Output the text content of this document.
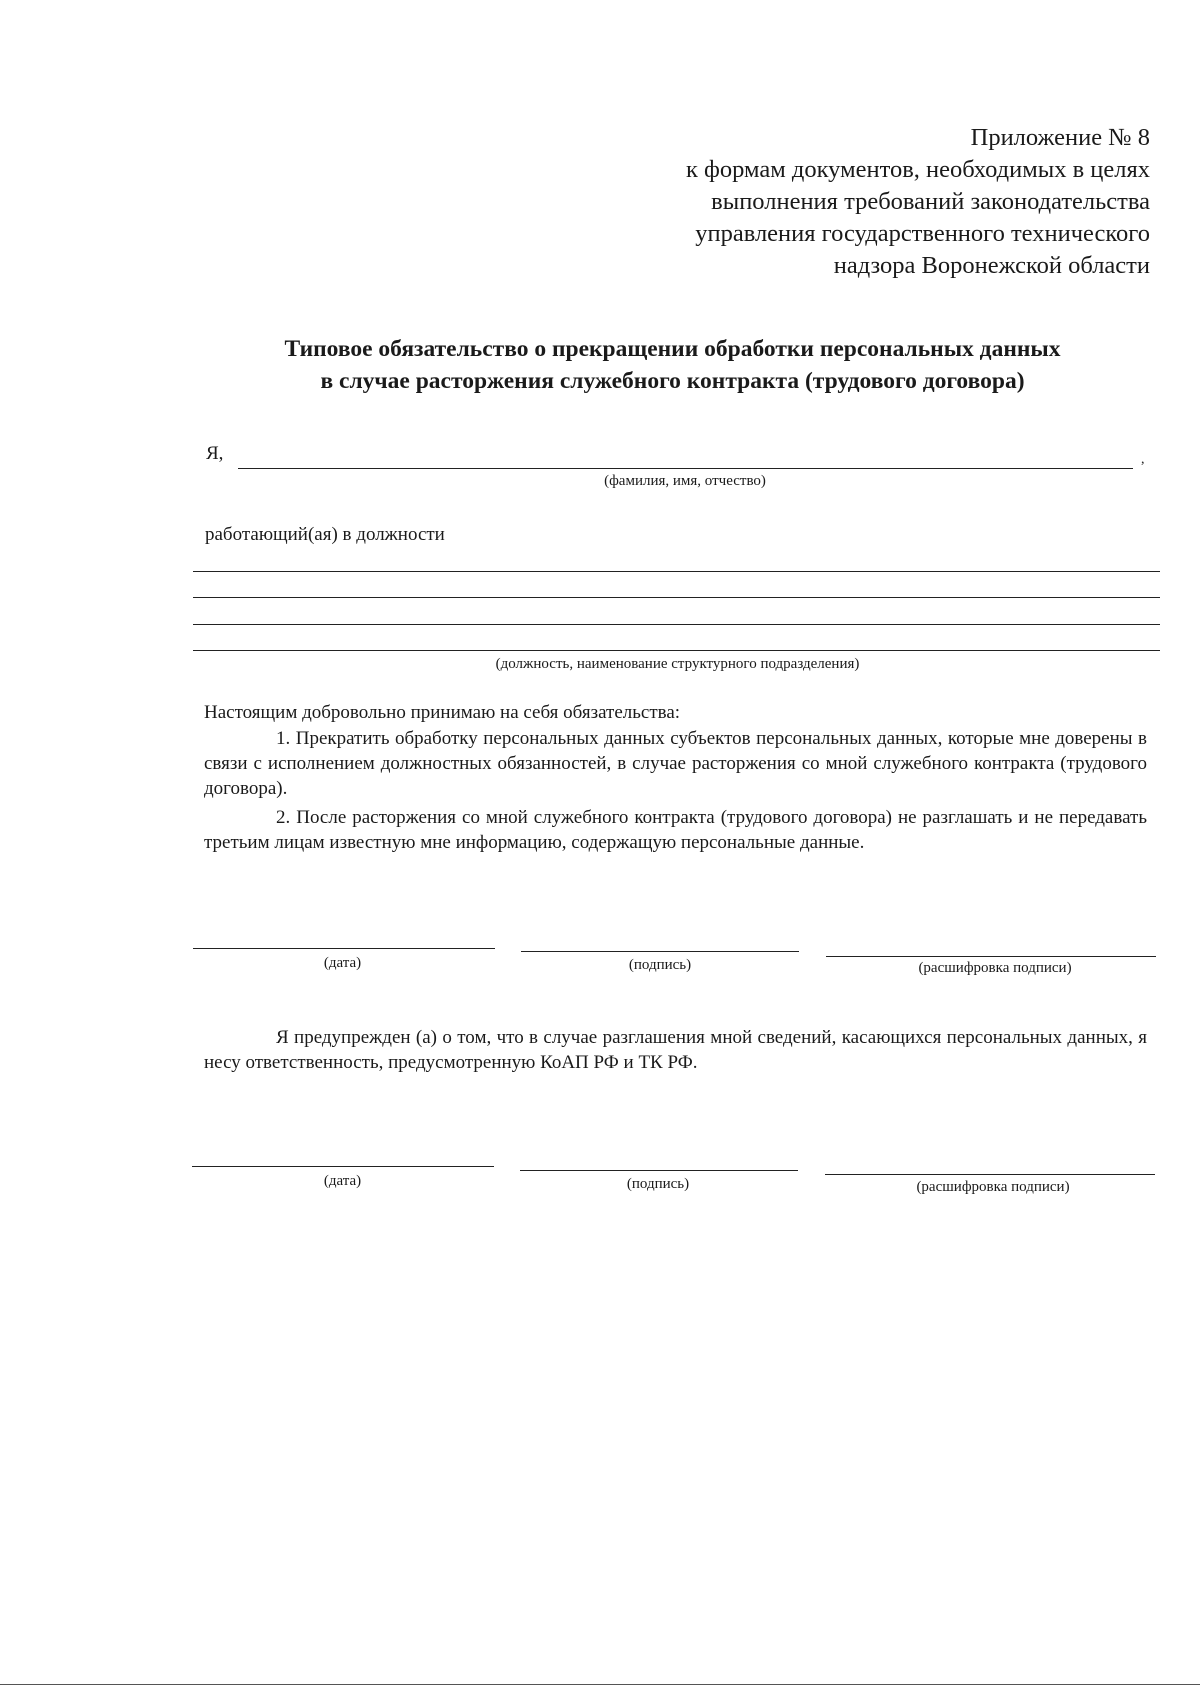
Приложение № 8
к формам документов, необходимых в целях
выполнения требований законодательства
управления государственного технического
надзора Воронежской области
Типовое обязательство о прекращении обработки персональных данных
в случае расторжения служебного контракта (трудового договора)
Я,	,
(фамилия, имя, отчество)
работающий(ая) в должности
(должность, наименование структурного подразделения)
Настоящим добровольно принимаю на себя обязательства:
1. Прекратить обработку персональных данных субъектов персональных данных, которые мне доверены в связи с исполнением должностных обязанностей, в случае расторжения со мной служебного контракта (трудового договора).
2. После расторжения со мной служебного контракта (трудового договора) не разглашать и не передавать третьим лицам известную мне информацию, содержащую персональные данные.
(дата)	(подпись)	(расшифровка подписи)
Я предупрежден (а) о том, что в случае разглашения мной сведений, касающихся персональных данных, я несу ответственность, предусмотренную КоАП РФ и ТК РФ.
(дата)	(подпись)	(расшифровка подписи)
